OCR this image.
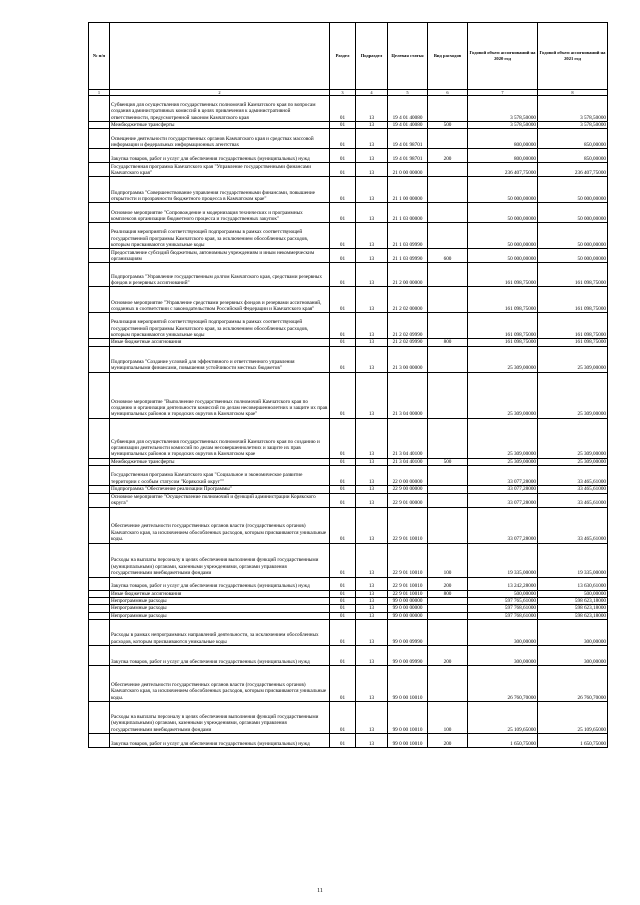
№ п/п		Раздел	Подраздел	Целевая статья	Вид расходов	Годовой объем ассигнований на 2020 год	Годовой объем ассигнований на 2021 год
1	2	3	4	5	6	7	8
	Субвенция для осуществления государственных полномочий Камчатского края по вопросам создания административных комиссий в целях привлечения к административной ответственности, предусмотренной законом Камчатского края	01	13	19 4 01 40080		3 578,50000	3 578,50000
	Межбюджетные трансферты	01	13	19 4 01 40080	500	3 578,50000	3 578,50000
	Освещение деятельности государственных органов Камчатского края и средствах массовой информации и федеральных информационных агентствах	01	13	19 4 01 98701		800,00000	850,00000
	Закупка товаров, работ и услуг для обеспечения государственных (муниципальных) нужд	01	13	19 4 01 98701	200	800,00000	850,00000
	Государственная программа Камчатского края "Управление государственными финансами Камчатского края"	01	13	21 0 00 00000		236 407,75000	236 407,75000
	Подпрограмма "Совершенствование управления государственными финансами, повышение открытости и прозрачности бюджетного процесса в Камчатском крае"	01	13	21 1 00 00000		50 000,00000	50 000,00000
	Основное мероприятие "Сопровождение и модернизация технических и программных комплексов организации бюджетного процесса и государственных закупок"	01	13	21 1 03 00000		50 000,00000	50 000,00000
	Реализация мероприятий соответствующей подпрограммы в рамках соответствующей государственной программы Камчатского края, за исключением обособленных расходов, которым присваиваются уникальные коды	01	13	21 1 03 09990		50 000,00000	50 000,00000
	Предоставление субсидий бюджетным, автономным учреждениям и иным некоммерческим организациям	01	13	21 1 03 09990	600	50 000,00000	50 000,00000
	Подпрограмма "Управление государственным долгом Камчатского края, средствами резервных фондов и резервных ассигнований"	01	13	21 2 00 00000		161 098,75000	161 098,75000
	Основное мероприятие "Управление средствами резервных фондов и резервами ассигнований, созданных в соответствии с законодательством Российской Федерации и Камчатского края"	01	13	21 2 02 00000		161 098,75000	161 098,75000
	Реализация мероприятий соответствующей подпрограммы в рамках соответствующей государственной программы Камчатского края, за исключением обособленных расходов, которым присваиваются уникальные коды	01	13	21 2 02 09990		161 098,75000	161 098,75000
	Иные бюджетные ассигнования	01	13	21 2 02 09990	800	161 098,75000	161 098,75000
	Подпрограмма "Создание условий для эффективного и ответственного управления муниципальными финансами, повышения устойчивости местных бюджетов"	01	13	21 3 00 00000		25 309,00000	25 309,00000
	Основное мероприятие "Выполнение государственных полномочий Камчатского края по созданию и организации деятельности комиссий по делам несовершеннолетних и защите их прав муниципальных районов и городских округов в Камчатском крае"	01	13	21 3 04 00000		25 309,00000	25 309,00000
	Субвенция для осуществления государственных полномочий Камчатского края по созданию и организации деятельности комиссий по делам несовершеннолетних и защите их прав муниципальных районов и городских округов в Камчатском крае	01	13	21 3 04 40100		25 309,00000	25 309,00000
	Межбюджетные трансферты	01	13	21 3 04 40100	500	25 309,00000	25 309,00000
	Государственная программа Камчатского края "Социальное и экономическое развитие территории с особым статусом "Корякский округ""	01	13	22 0 00 00000		33 077,28000	33 465,61000
	Подпрограмма "Обеспечение реализации Программы"	01	13	22 9 00 00000		33 077,28000	33 465,61000
	Основное мероприятие "Осуществление полномочий и функций администрации Корякского округа"	01	13	22 9 01 00000		33 077,28000	33 465,61000
	Обеспечение деятельности государственных органов власти (государственных органов) Камчатского края, за исключением обособленных расходов, которым присваиваются уникальные коды.	01	13	22 9 01 10010		33 077,28000	33 465,61000
	Расходы на выплаты персоналу в целях обеспечения выполнения функций государственными (муниципальными) органами, казенными учреждениями, органами управления государственными внебюджетными фондами	01	13	22 9 01 10010	100	19 335,00000	19 335,00000
	Закупка товаров, работ и услуг для обеспечения государственных (муниципальных) нужд	01	13	22 9 01 10010	200	13 242,28000	13 630,61000
	Иные бюджетные ассигнования	01	13	22 9 01 10010	800	500,00000	500,00000
	Непрограммные расходы	01	13	99 0 00 00000		597 765,61000	598 623,18000
	Непрограммные расходы	01	13	99 0 00 00000		597 768,61000	598 623,18000
	Непрограммные расходы	01	13	99 0 00 00000		597 768,61000	598 623,18000
	Расходы в рамках непрограммных направлений деятельности, за исключением обособленных расходов, которым присваиваются уникальные коды	01	13	99 0 00 09990		300,00000	300,00000
	Закупка товаров, работ и услуг для обеспечения государственных (муниципальных) нужд	01	13	99 0 00 09990	200	300,00000	300,00000
	Обеспечение деятельности государственных органов власти (государственных органов) Камчатского края, за исключением обособленных расходов, которым присваиваются уникальные коды.	01	13	99 0 00 10010		26 760,70000	26 760,70000
	Расходы на выплаты персоналу в целях обеспечения выполнения функций государственными (муниципальными) органами, казенными учреждениями, органами управления государственными внебюджетными фондами	01	13	99 0 00 10010	100	25 109,65000	25 109,65000
	Закупка товаров, работ и услуг для обеспечения государственных (муниципальных) нужд	01	13	99 0 00 10010	200	1 650,75000	1 650,75000
11
